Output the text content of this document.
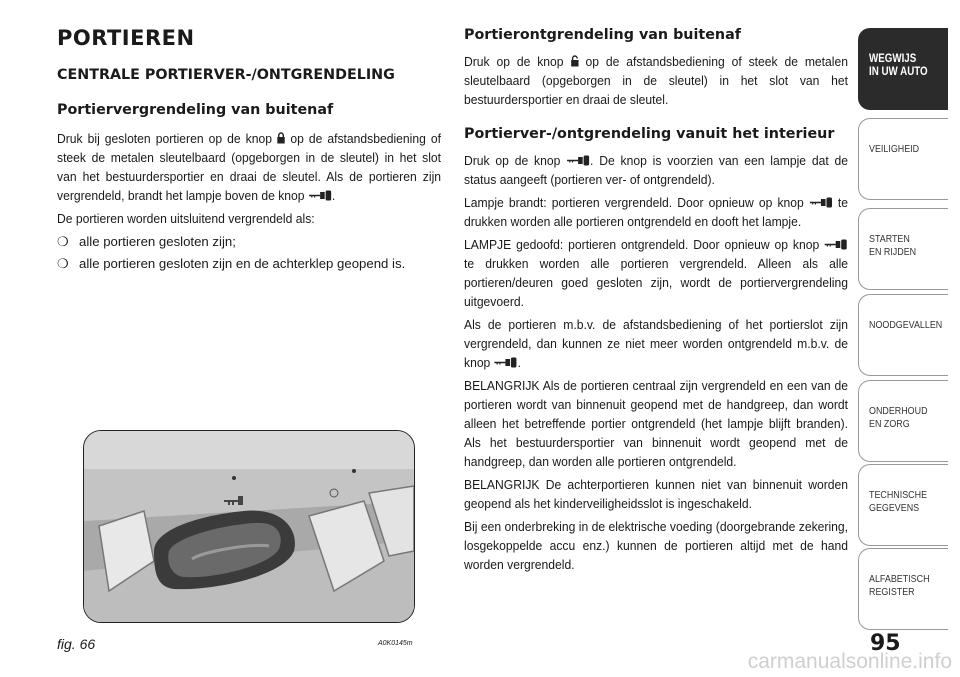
PORTIEREN

CENTRALE PORTIERVER-/ONTGRENDELING

Portiervergrendeling van buitenaf

Druk bij gesloten portieren op de knop op de afstandsbediening of steek de metalen sleutelbaard (opgeborgen in de sleutel) in het slot van het bestuurdersportier en draai de sleutel. Als de portieren zijn vergrendeld, brandt het lampje boven de knop .

De portieren worden uitsluitend vergrendeld als:

❍ alle portieren gesloten zijn;
❍ alle portieren gesloten zijn en de achterklep geopend is.
fig. 66	A0K0145m

Portierontgrendeling van buitenaf

Druk op de knop op de afstandsbediening of steek de metalen sleutelbaard (opgeborgen in de sleutel) in het slot van het bestuurdersportier en draai de sleutel.

Portierver-/ontgrendeling vanuit het interieur

Druk op de knop . De knop is voorzien van een lampje dat de status aangeeft (portieren ver- of ontgrendeld).

Lampje brandt: portieren vergrendeld. Door opnieuw op knop	te drukken worden alle portieren ontgrendeld en dooft het lampje.

LAMPJE gedoofd: portieren ontgrendeld. Door opnieuw op knop  te drukken worden alle portieren vergrendeld. Alleen als alle portieren/deuren goed gesloten zijn, wordt de portiervergrendeling uitgevoerd.

Als de portieren m.b.v. de afstandsbediening of het portierslot zijn vergrendeld, dan kunnen ze niet meer worden ontgrendeld m.b.v. de knop .

BELANGRIJK Als de portieren centraal zijn vergrendeld en een van de portieren wordt van binnenuit geopend met de handgreep, dan wordt alleen het betreffende portier ontgrendeld (het lampje blijft branden). Als het bestuurdersportier van binnenuit wordt geopend met de handgreep, dan worden alle portieren ontgrendeld.

BELANGRIJK De achterportieren kunnen niet van binnenuit worden geopend als het kinderveiligheidsslot is ingeschakeld.

Bij een onderbreking in de elektrische voeding (doorgebrande zekering, losgekoppelde accu enz.) kunnen de portieren altijd met de hand worden vergrendeld.

WEGWIJS
IN UW AUTO
VEILIGHEID
STARTEN
EN RIJDEN
NOODGEVALLEN
ONDERHOUD
EN ZORG
TECHNISCHE
GEGEVENS
ALFABETISCH
REGISTER
95
carmanualsonline.info
